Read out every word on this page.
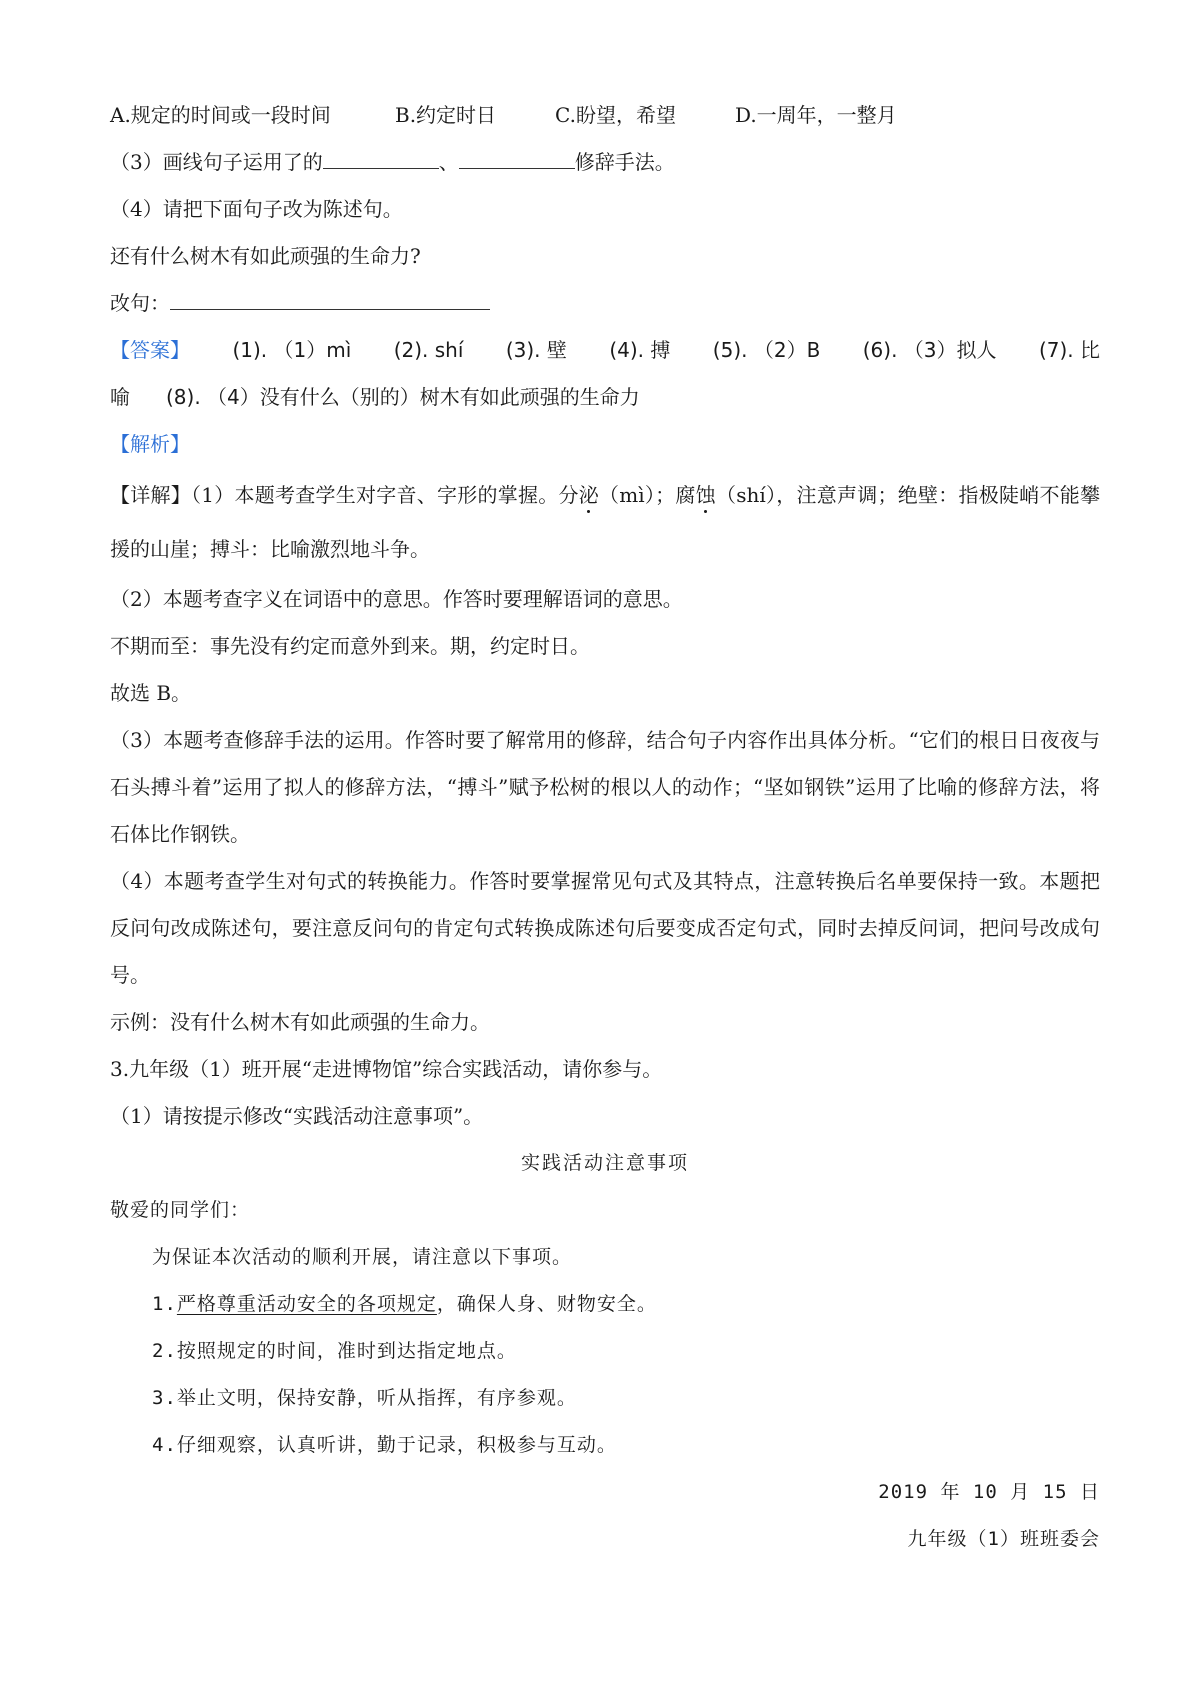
A.规定的时间或一段时间	B.约定时日	C.盼望，希望	D.一周年，一整月
（3）画线句子运用了的	、	修辞手法。
（4）请把下面句子改为陈述句。
还有什么树木有如此顽强的生命力?
改句：
【答案】 (1). （1）mì (2). shí (3). 壁 (4). 搏 (5). （2）B (6). （3）拟人 (7). 比
喻 (8). （4）没有什么（别的）树木有如此顽强的生命力
【解析】
【详解】（1）本题考查学生对字音、字形的掌握。分泌（mì）；腐蚀（shí），注意声调；绝壁：指极陡峭不能攀援的山崖；搏斗：比喻激烈地斗争。
（2）本题考查字义在词语中的意思。作答时要理解语词的意思。
不期而至：事先没有约定而意外到来。期，约定时日。
故选 B。
（3）本题考查修辞手法的运用。作答时要了解常用的修辞，结合句子内容作出具体分析。“它们的根日日夜夜与石头搏斗着”运用了拟人的修辞方法，“搏斗”赋予松树的根以人的动作；“坚如钢铁”运用了比喻的修辞方法，将石体比作钢铁。
（4）本题考查学生对句式的转换能力。作答时要掌握常见句式及其特点，注意转换后名单要保持一致。本题把反问句改成陈述句，要注意反问句的肯定句式转换成陈述句后要变成否定句式，同时去掉反问词，把问号改成句号。
示例：没有什么树木有如此顽强的生命力。
3.九年级（1）班开展“走进博物馆”综合实践活动，请你参与。
（1）请按提示修改“实践活动注意事项”。
实践活动注意事项
敬爱的同学们：
为保证本次活动的顺利开展，请注意以下事项。
1.严格尊重活动安全的各项规定，确保人身、财物安全。
2.按照规定的时间，准时到达指定地点。
3.举止文明，保持安静，听从指挥，有序参观。
4.仔细观察，认真听讲，勤于记录，积极参与互动。
2019 年 10 月 15 日
九年级（1）班班委会
